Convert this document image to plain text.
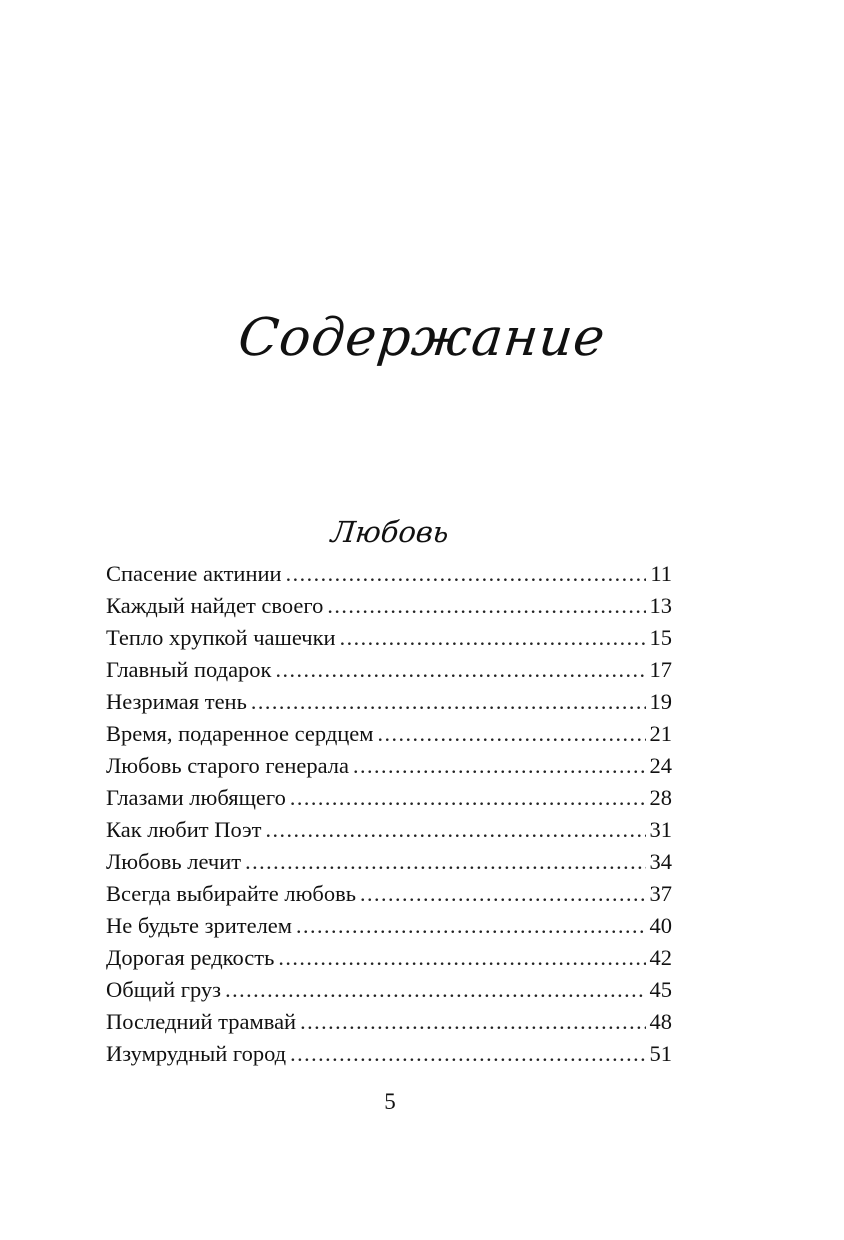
Содержание
Любовь
Спасение актинии . . .	11
Каждый найдет своего . . .	13
Тепло хрупкой чашечки . . .	15
Главный подарок . . .	17
Незримая тень . . .	19
Время, подаренное сердцем . . .	21
Любовь старого генерала . . .	24
Глазами любящего . . .	28
Как любит Поэт . . .	31
Любовь лечит . . .	34
Всегда выбирайте любовь . . .	37
Не будьте зрителем . . .	40
Дорогая редкость . . .	42
Общий груз . . .	45
Последний трамвай . . .	48
Изумрудный город . . .	51
5
